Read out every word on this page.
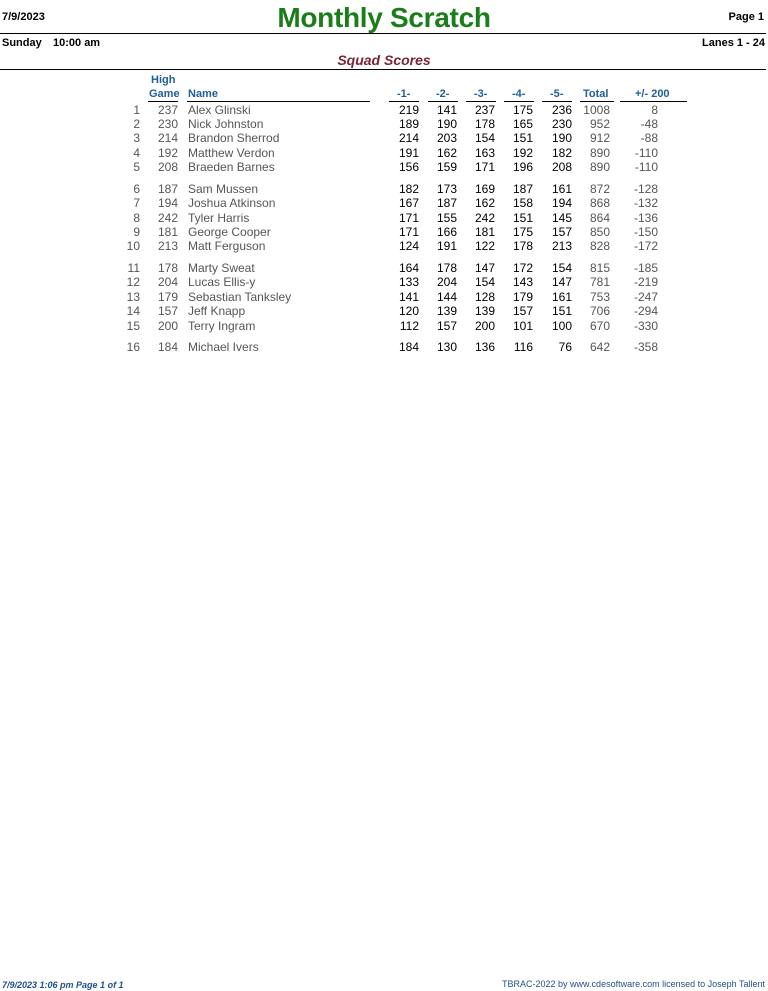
7/9/2023	Monthly Scratch	Page 1
Sunday 10:00 am	Lanes 1 - 24
Squad Scores
High
Game Name	-1- -2- -3- -4- -5- Total +/- 200
1 237 Alex Glinski	219 141 237 175 236 1008	8
2 230 Nick Johnston	189 190 178 165 230 952	-48
3 214 Brandon Sherrod	214 203 154 151 190 912	-88
4 192 Matthew Verdon	191 162 163 192 182 890 -110
5 208 Braeden Barnes	156 159 171 196 208 890 -110
6 187 Sam Mussen	182 173 169 187 161 872 -128
7 194 Joshua Atkinson	167 187 162 158 194 868 -132
8 242 Tyler Harris	171 155 242 151 145 864 -136
9 181 George Cooper	171 166 181 175 157 850 -150
10 213 Matt Ferguson	124 191 122 178 213 828 -172
11 178 Marty Sweat	164 178 147 172 154 815 -185
12 204 Lucas Ellis-y	133 204 154 143 147 781 -219
13 179 Sebastian Tanksley	141 144 128 179 161 753 -247
14 157 Jeff Knapp	120 139 139 157 151 706 -294
15 200 Terry Ingram	112 157 200 101 100 670 -330
16 184 Michael Ivers	184 130 136 116 76 642 -358
7/9/2023 1:06 pm Page 1 of 1	TBRAC-2022 by www.cdesoftware.com licensed to Joseph Tallent
